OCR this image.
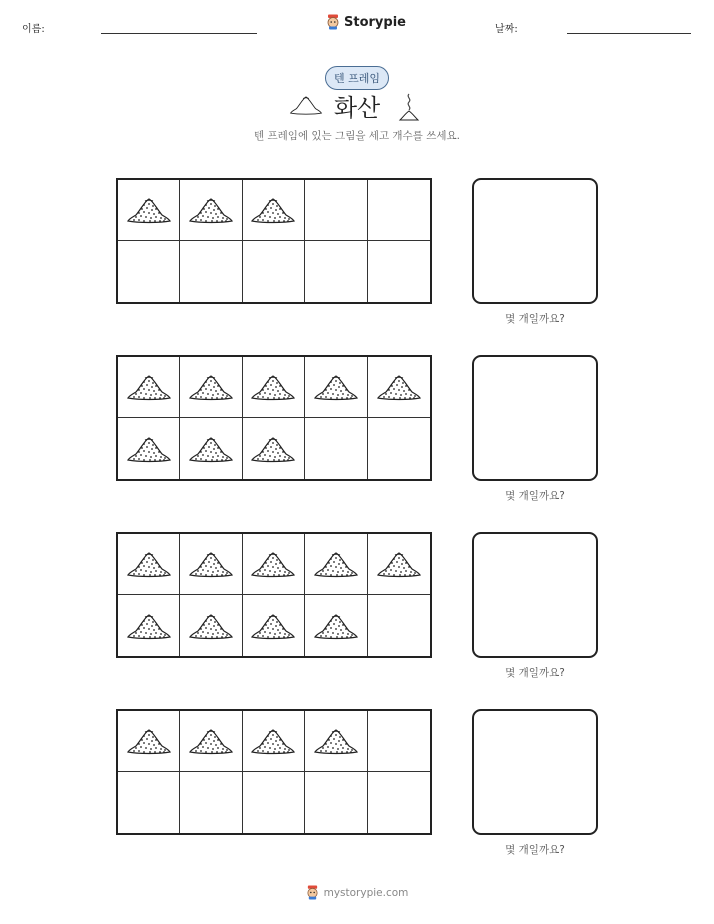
이름:	Storypie	날짜:
텐 프레임
화산
텐 프레임에 있는 그림을 세고 개수를 쓰세요.
몇 개일까요?
몇 개일까요?
몇 개일까요?
몇 개일까요?
mystorypie.com
